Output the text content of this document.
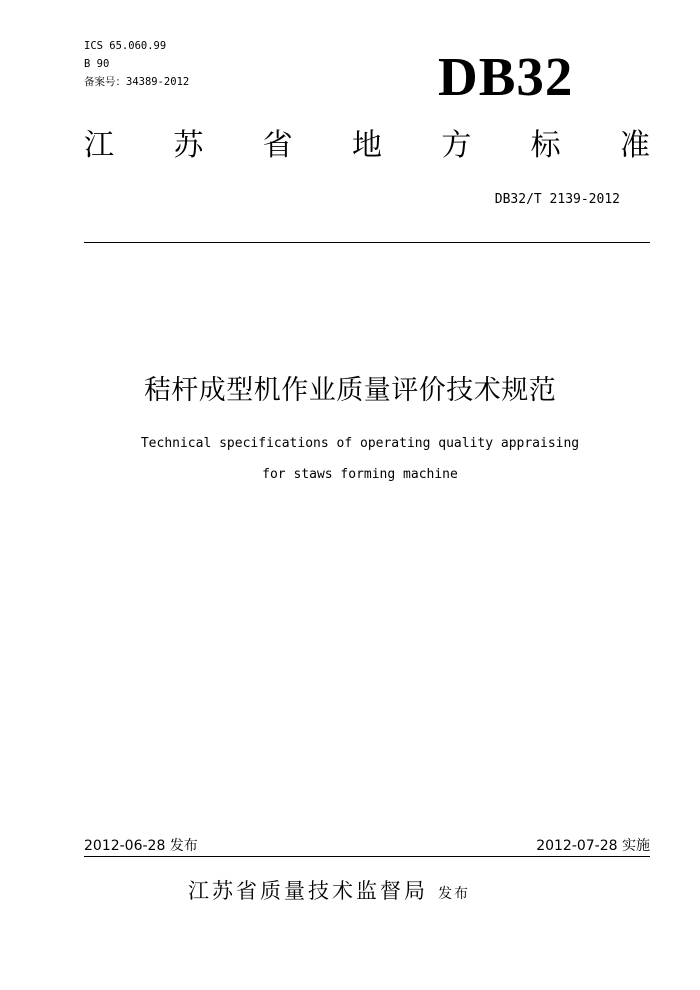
ICS 65.060.99
B 90
备案号：34389-2012	DB32
江 苏 省 地 方 标 准
DB32/T 2139-2012
秸杆成型机作业质量评价技术规范
Technical specifications of operating quality appraising
for staws forming machine
2012-06-28 发布	2012-07-28 实施
江苏省质量技术监督局 发布
